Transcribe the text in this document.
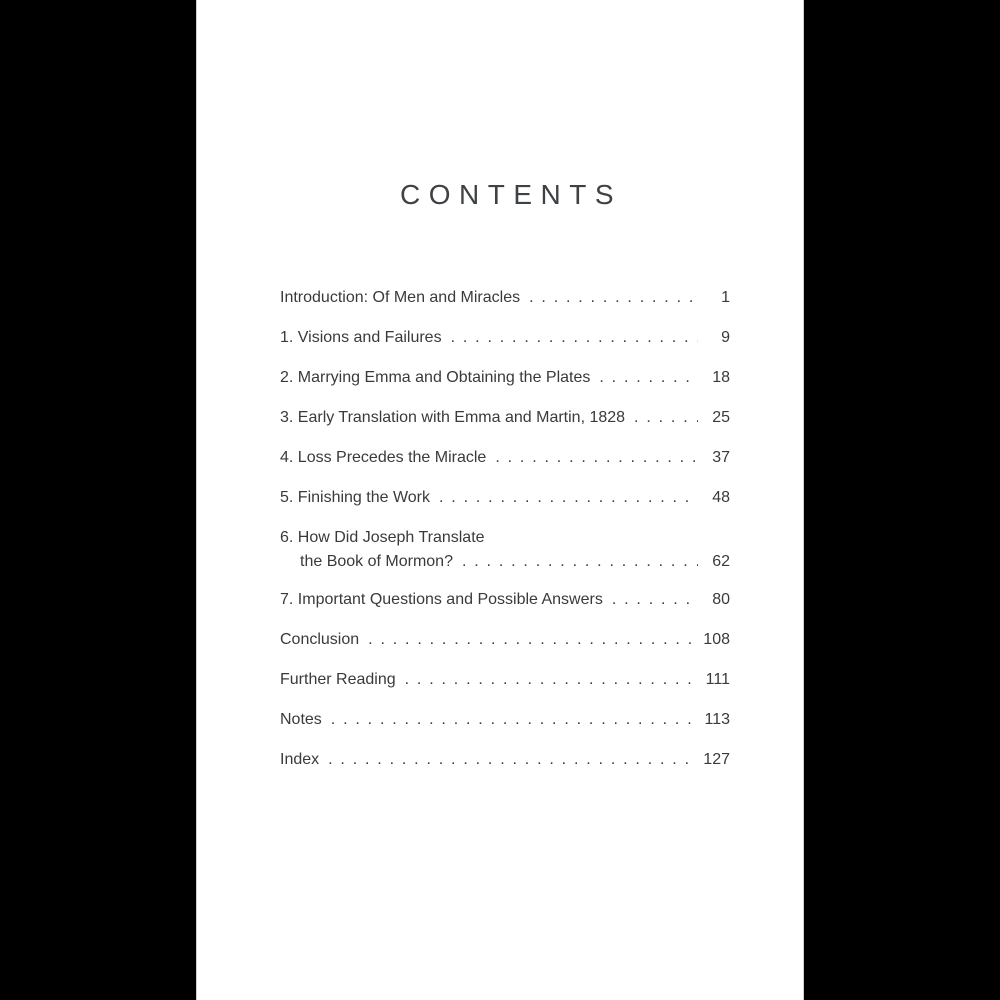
CONTENTS
Introduction: Of Men and Miracles . . .	1
1. Visions and Failures . . .	9
2. Marrying Emma and Obtaining the Plates . . .	18
3. Early Translation with Emma and Martin, 1828 . . .	25
4. Loss Precedes the Miracle . . .	37
5. Finishing the Work . . .	48
6. How Did Joseph Translate
the Book of Mormon? . . .	62
7. Important Questions and Possible Answers . . .	80
Conclusion . . .	108
Further Reading . . .	111
Notes . . .	113
Index . . .	127
